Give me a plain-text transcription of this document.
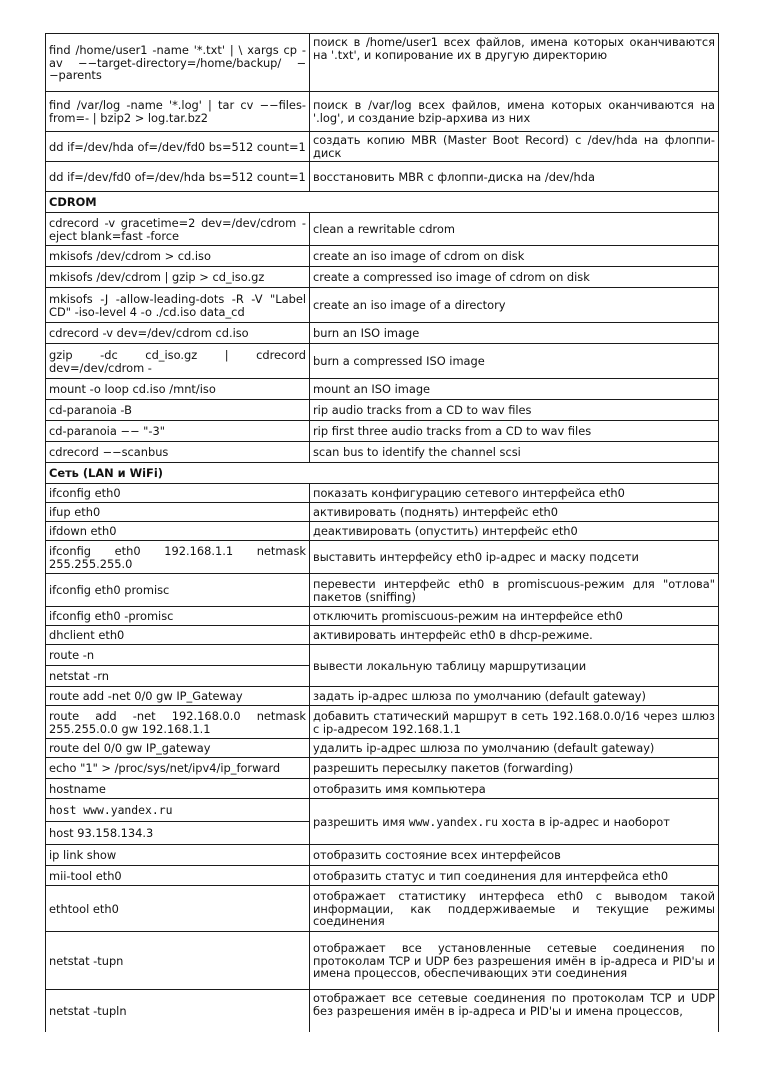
find /home/user1 -name '*.txt' | \ xargs cp -av −−target-directory=/home/backup/ −−parents	поиск в /home/user1 всех файлов, имена которых оканчиваются на '.txt', и копирование их в другую директорию
find /var/log -name '*.log' | tar cv −−files-from=- | bzip2 > log.tar.bz2	поиск в /var/log всех файлов, имена которых оканчиваются на '.log', и создание bzip-архива из них
dd if=/dev/hda of=/dev/fd0 bs=512 count=1	создать копию MBR (Master Boot Record) с /dev/hda на флоппи-диск
dd if=/dev/fd0 of=/dev/hda bs=512 count=1	восстановить MBR с флоппи-диска на /dev/hda
CDROM	
cdrecord -v gracetime=2 dev=/dev/cdrom -eject blank=fast -force	clean a rewritable cdrom
mkisofs /dev/cdrom > cd.iso	create an iso image of cdrom on disk
mkisofs /dev/cdrom | gzip > cd_iso.gz	create a compressed iso image of cdrom on disk
mkisofs -J -allow-leading-dots -R -V "Label CD" -iso-level 4 -o ./cd.iso data_cd	create an iso image of a directory
cdrecord -v dev=/dev/cdrom cd.iso	burn an ISO image
gzip -dc cd_iso.gz | cdrecord dev=/dev/cdrom -	burn a compressed ISO image
mount -o loop cd.iso /mnt/iso	mount an ISO image
cd-paranoia -B	rip audio tracks from a CD to wav files
cd-paranoia −− "-3"	rip first three audio tracks from a CD to wav files
cdrecord −−scanbus	scan bus to identify the channel scsi
Сеть (LAN и WiFi)	
ifconfig eth0	показать конфигурацию сетевого интерфейса eth0
ifup eth0	активировать (поднять) интерфейс eth0
ifdown eth0	деактивировать (опустить) интерфейс eth0
ifconfig eth0 192.168.1.1 netmask 255.255.255.0	выставить интерфейсу eth0 ip-адрес и маску подсети
ifconfig eth0 promisc	перевести интерфейс eth0 в promiscuous-режим для "отлова" пакетов (sniffing)
ifconfig eth0 -promisc	отключить promiscuous-режим на интерфейсе eth0
dhclient eth0	активировать интерфейс eth0 в dhcp-режиме.
route -n	вывести локальную таблицу маршрутизации
netstat -rn	
route add -net 0/0 gw IP_Gateway	задать ip-адрес шлюза по умолчанию (default gateway)
route add -net 192.168.0.0 netmask 255.255.0.0 gw 192.168.1.1	добавить статический маршрут в сеть 192.168.0.0/16 через шлюз с ip-адресом 192.168.1.1
route del 0/0 gw IP_gateway	удалить ip-адрес шлюза по умолчанию (default gateway)
echo "1" > /proc/sys/net/ipv4/ip_forward	разрешить пересылку пакетов (forwarding)
hostname	отобразить имя компьютера
host www.yandex.ru	разрешить имя www.yandex.ru хоста в ip-адрес и наоборот
host 93.158.134.3	
ip link show	отобразить состояние всех интерфейсов
mii-tool eth0	отобразить статус и тип соединения для интерфейса eth0
ethtool eth0	отображает статистику интерфеса eth0 с выводом такой информации, как поддерживаемые и текущие режимы соединения
netstat -tupn	отображает все установленные сетевые соединения по протоколам TCP и UDP без разрешения имён в ip-адреса и PID'ы и имена процессов, обеспечивающих эти соединения
netstat -tupln	отображает все сетевые соединения по протоколам TCP и UDP без разрешения имён в ip-адреса и PID'ы и имена процессов,
